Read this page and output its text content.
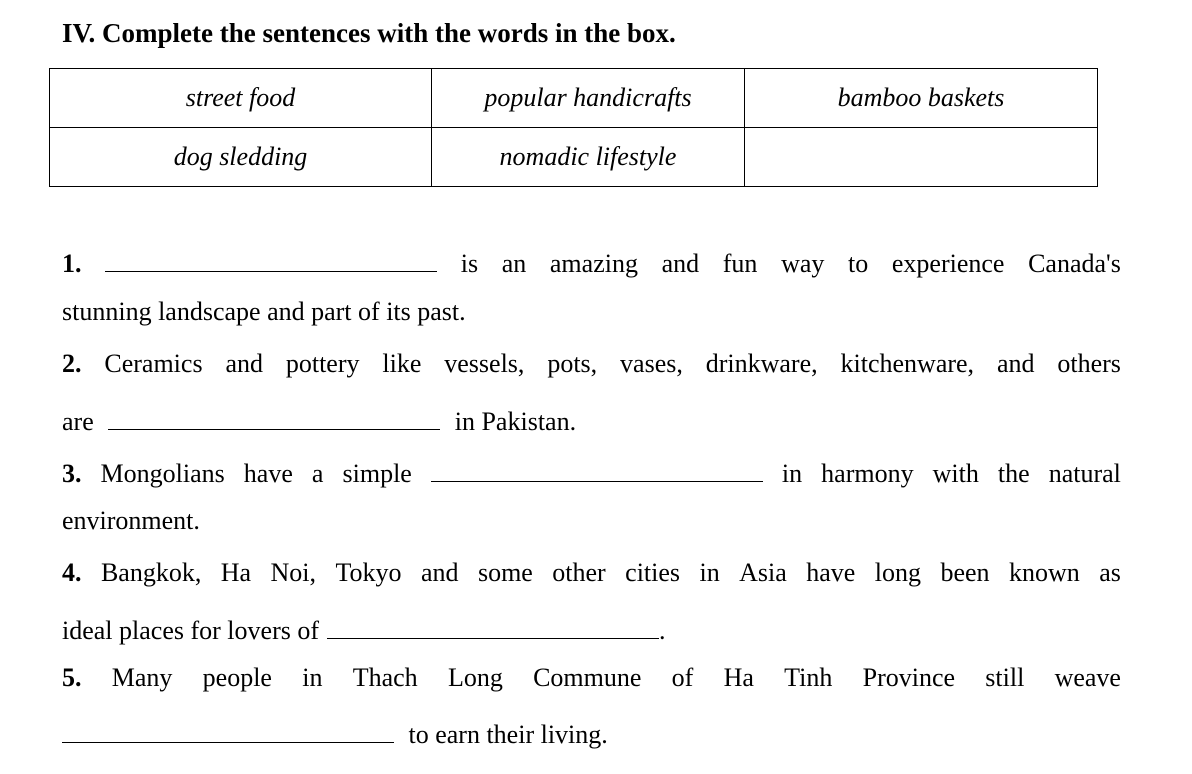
IV. Complete the sentences with the words in the box.
street food	popular handicrafts	bamboo baskets
dog sledding	nomadic lifestyle	
1.	is an amazing and fun way to experience Canada's
stunning landscape and part of its past.
2. Ceramics and pottery like vessels, pots, vases, drinkware, kitchenware, and others
are	in Pakistan.
3. Mongolians have a simple	in harmony with the natural
environment.
4. Bangkok, Ha Noi, Tokyo and some other cities in Asia have long been known as
ideal places for lovers of	.
5. Many people in Thach Long Commune of Ha Tinh Province still weave
to earn their living.
